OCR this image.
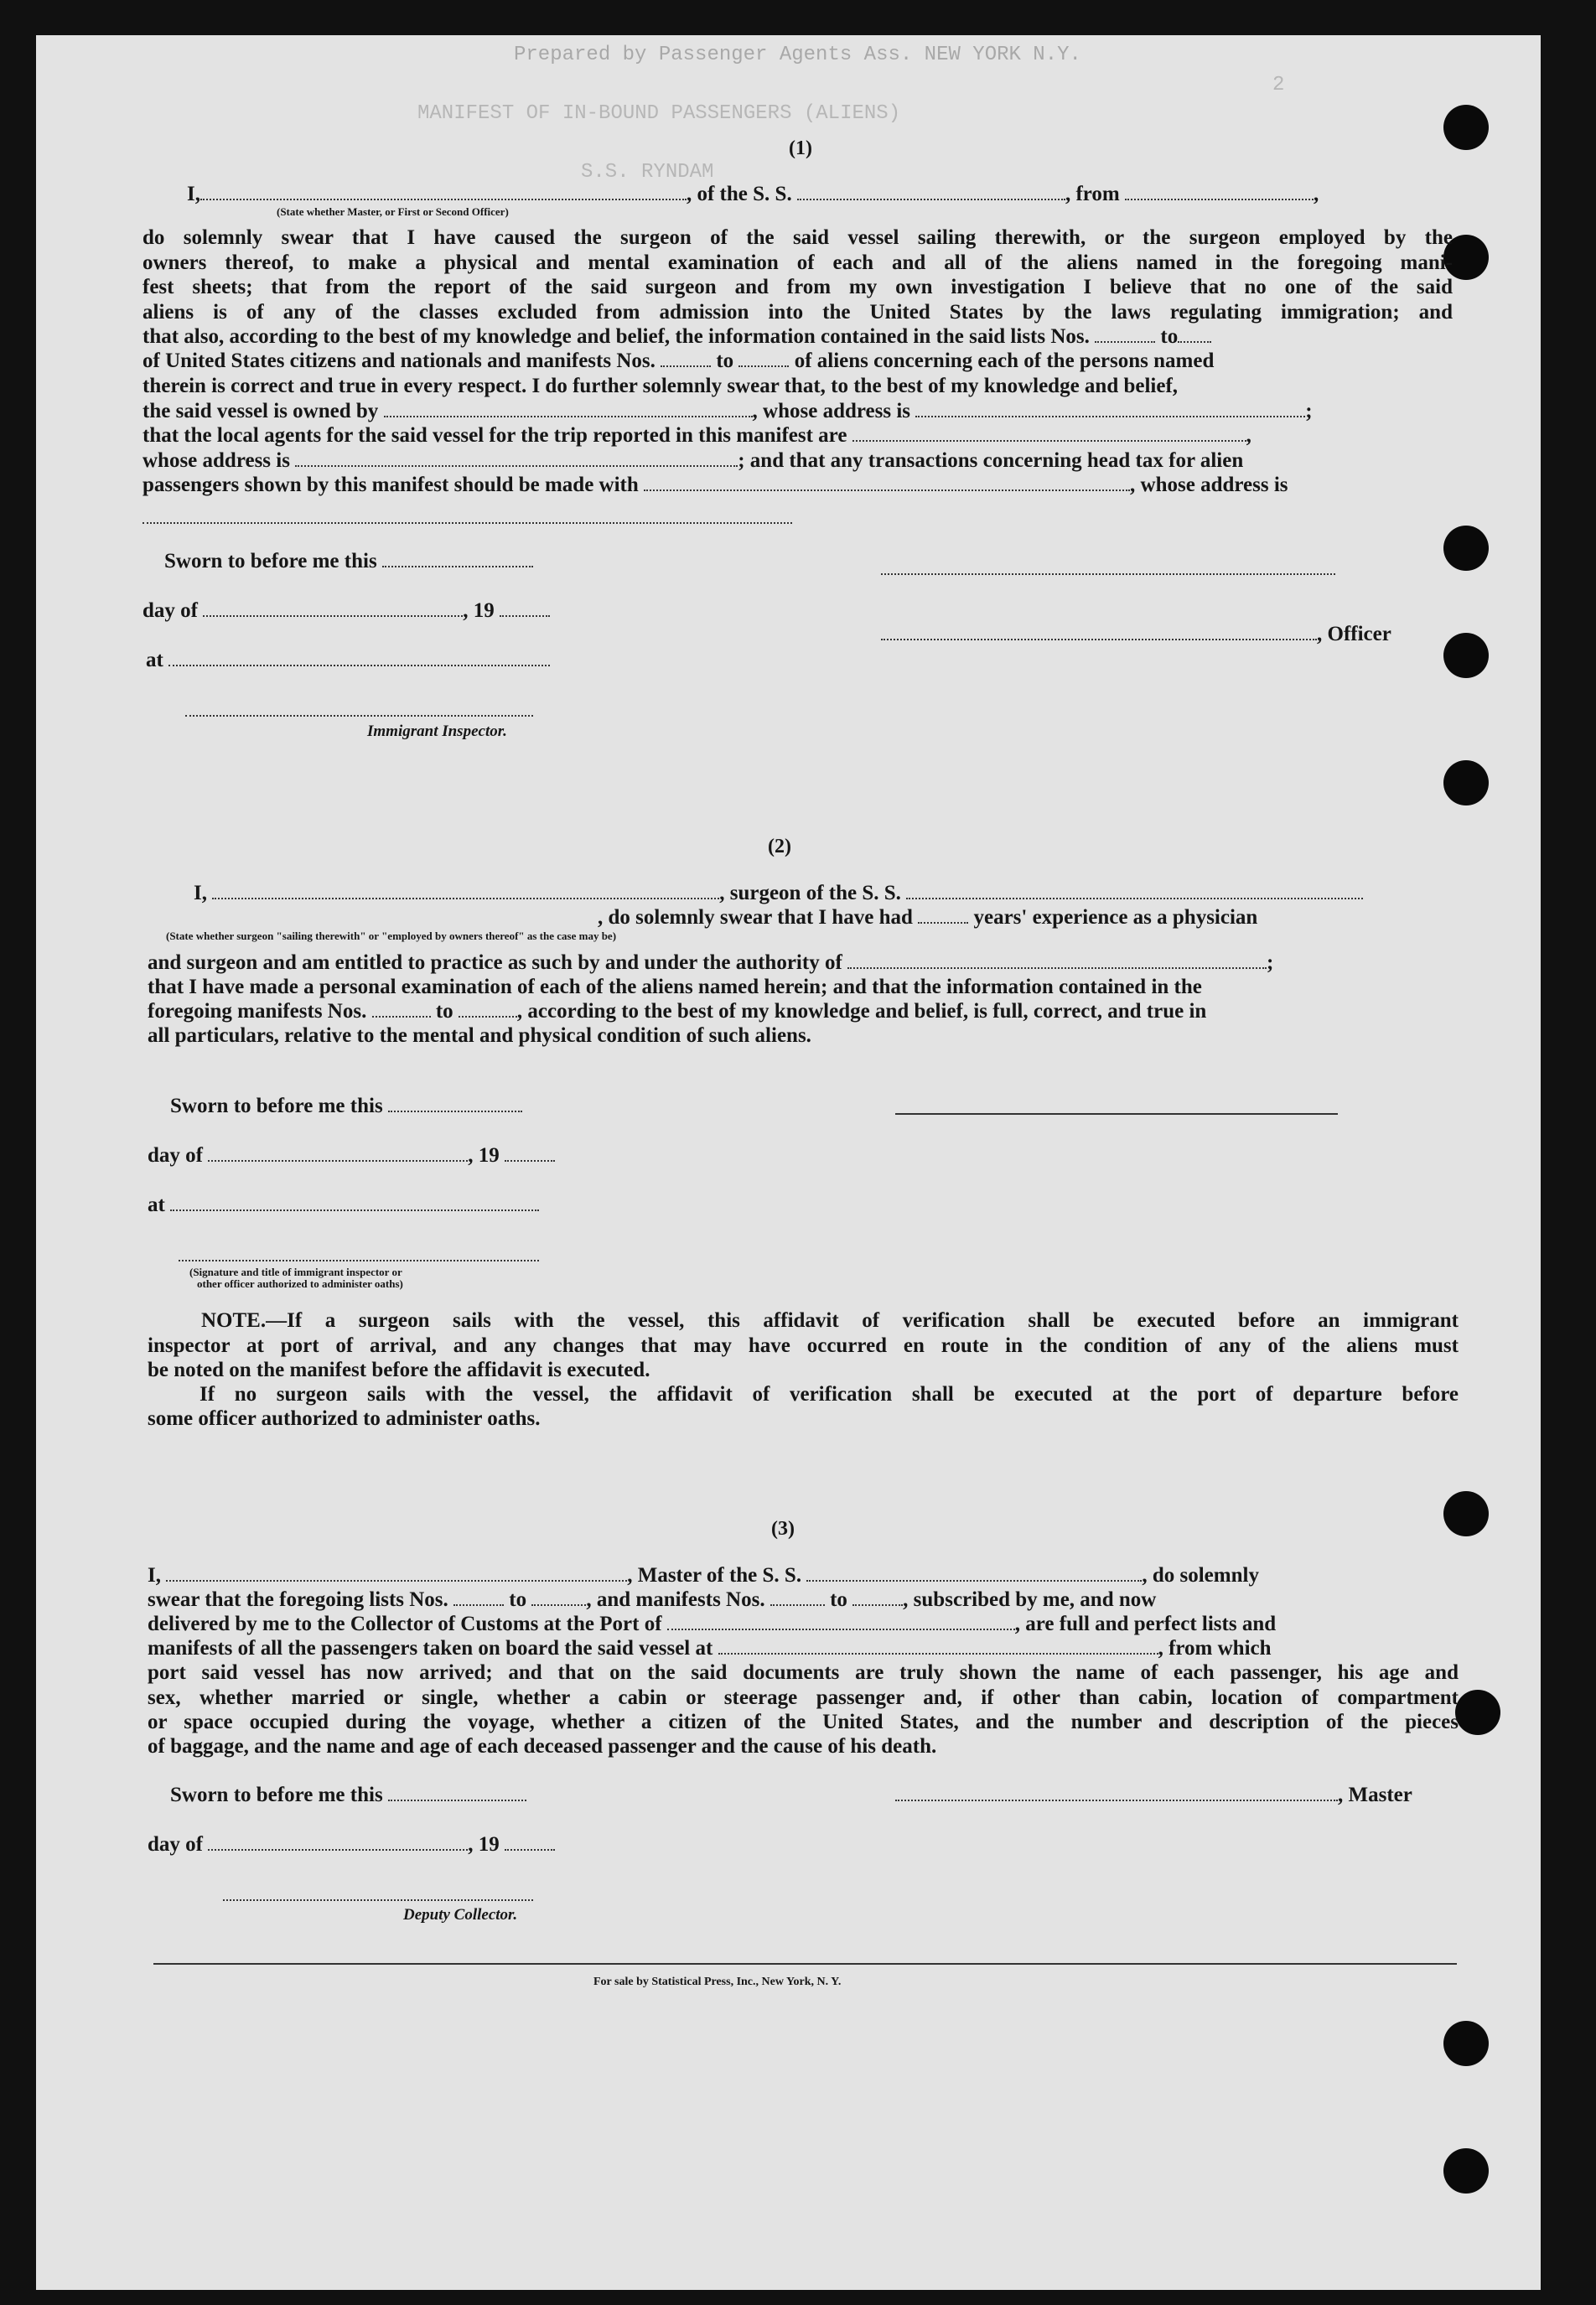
Prepared by Passenger Agents Ass. NEW YORK N.Y.
MANIFEST OF IN-BOUND PASSENGERS (ALIENS)
2
S.S. RYNDAM
(1)
I,	, of the S. S.	, from	,
(State whether Master, or First or Second Officer)
do solemnly swear that I have caused the surgeon of the said vessel sailing therewith, or the surgeon employed by the
owners thereof, to make a physical and mental examination of each and all of the aliens named in the foregoing mani-
fest sheets; that from the report of the said surgeon and from my own investigation I believe that no one of the said
aliens is of any of the classes excluded from admission into the United States by the laws regulating immigration; and
that also, according to the best of my knowledge and belief, the information contained in the said lists Nos.	to
of United States citizens and nationals and manifests Nos.	to	of aliens concerning each of the persons named
therein is correct and true in every respect. I do further solemnly swear that, to the best of my knowledge and belief,
the said vessel is owned by	, whose address is	;
that the local agents for the said vessel for the trip reported in this manifest are	,
whose address is	; and that any transactions concerning head tax for alien
passengers shown by this manifest should be made with	, whose address is
Sworn to before me this
day of	, 19
at
Immigrant Inspector.
, Officer
(2)
I,	, surgeon of the S. S.
, do solemnly swear that I have had	years' experience as a physician
(State whether surgeon "sailing therewith" or "employed by owners thereof" as the case may be)
and surgeon and am entitled to practice as such by and under the authority of	;
that I have made a personal examination of each of the aliens named herein; and that the information contained in the
foregoing manifests Nos.	to	, according to the best of my knowledge and belief, is full, correct, and true in
all particulars, relative to the mental and physical condition of such aliens.
Sworn to before me this
day of	, 19
at
(Signature and title of immigrant inspector or
other officer authorized to administer oaths)
NOTE.—If a surgeon sails with the vessel, this affidavit of verification shall be executed before an immigrant
inspector at port of arrival, and any changes that may have occurred en route in the condition of any of the aliens must
be noted on the manifest before the affidavit is executed.
If no surgeon sails with the vessel, the affidavit of verification shall be executed at the port of departure before
some officer authorized to administer oaths.
(3)
I,	, Master of the S. S.	, do solemnly
swear that the foregoing lists Nos.	to	, and manifests Nos.	to	, subscribed by me, and now
delivered by me to the Collector of Customs at the Port of	, are full and perfect lists and
manifests of all the passengers taken on board the said vessel at	, from which
port said vessel has now arrived; and that on the said documents are truly shown the name of each passenger, his age and
sex, whether married or single, whether a cabin or steerage passenger and, if other than cabin, location of compartment
or space occupied during the voyage, whether a citizen of the United States, and the number and description of the pieces
of baggage, and the name and age of each deceased passenger and the cause of his death.
Sworn to before me this
day of	, 19
Deputy Collector.
, Master
For sale by Statistical Press, Inc., New York, N. Y.
